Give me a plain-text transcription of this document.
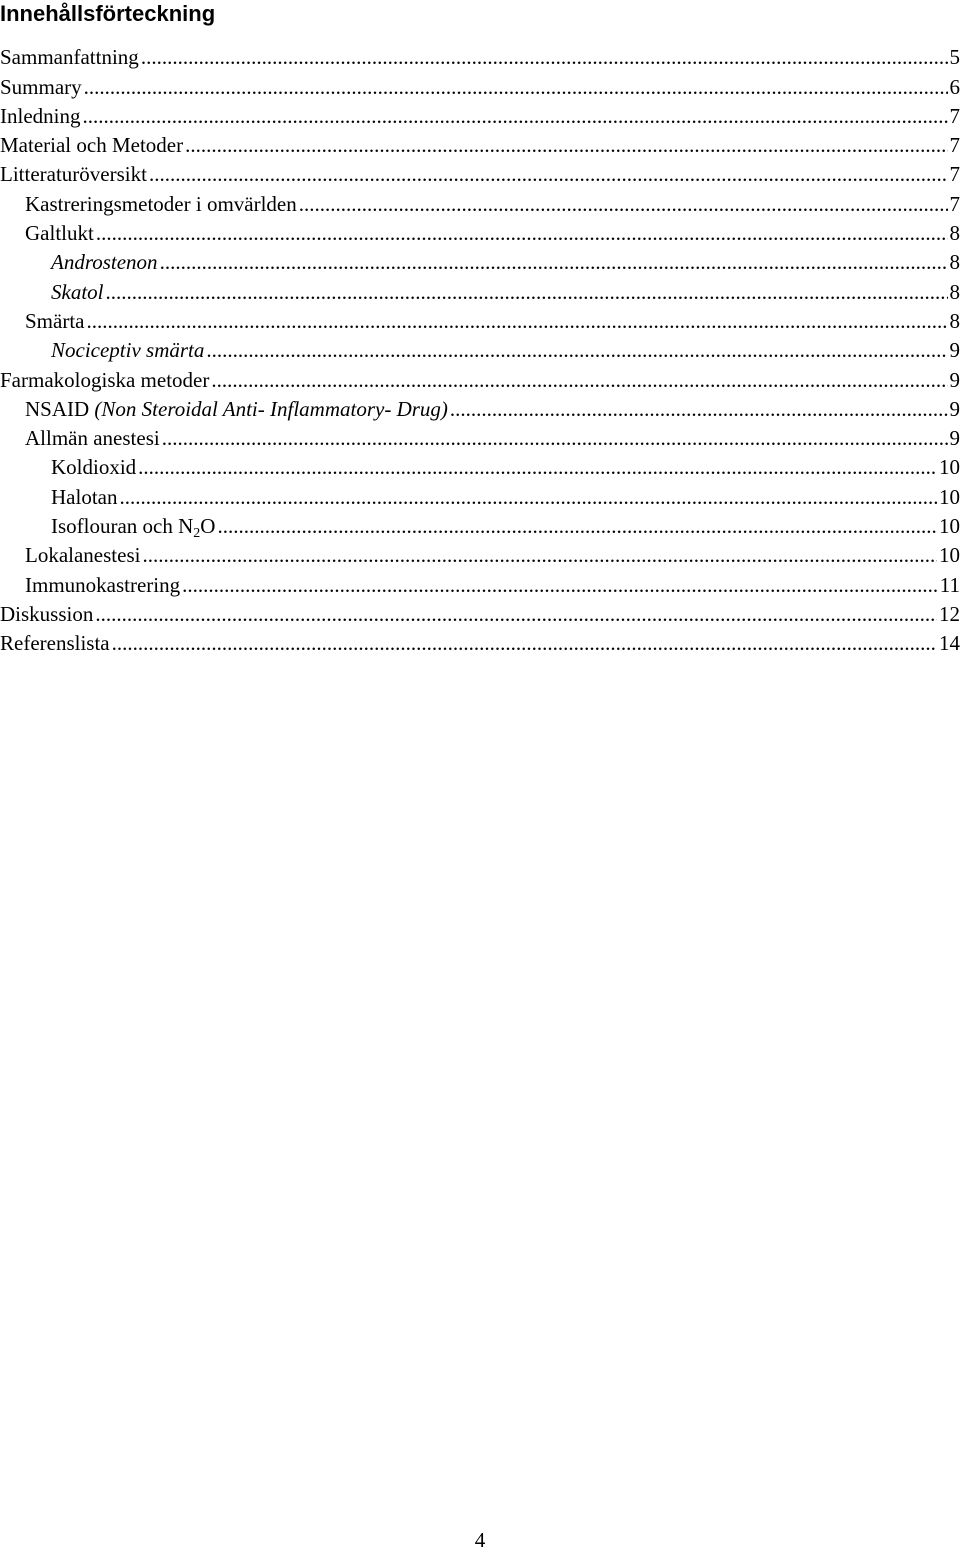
Innehållsförteckning
Sammanfattning .....	5
Summary .....	6
Inledning .....	7
Material och Metoder .....	7
Litteraturöversikt .....	7
Kastreringsmetoder i omvärlden .....	7
Galtlukt .....	8
Androstenon .....	8
Skatol .....	8
Smärta .....	8
Nociceptiv smärta .....	9
Farmakologiska metoder .....	9
NSAID (Non Steroidal Anti- Inflammatory- Drug) .....	9
Allmän anestesi .....	9
Koldioxid .....	10
Halotan .....	10
Isoflouran och $N_2O$ .....	10
Lokalanestesi .....	10
Immunokastrering .....	11
Diskussion .....	12
Referenslista .....	14
4
